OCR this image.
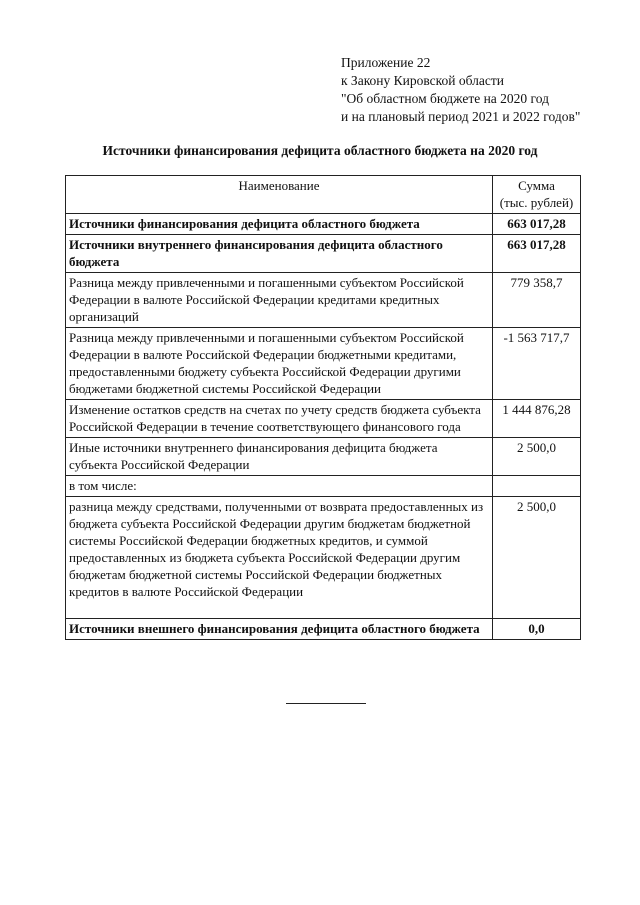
Приложение 22
к Закону Кировской области
"Об областном бюджете на 2020 год
и на плановый период 2021 и 2022 годов"
Источники финансирования дефицита областного бюджета на 2020 год
Наименование	Сумма
(тыс. рублей)

Источники финансирования дефицита областного бюджета	663 017,28
Источники внутреннего финансирования дефицита областного бюджета	663 017,28
Разница между привлеченными и погашенными субъектом Российской Федерации в валюте Российской Федерации кредитами кредитных организаций	779 358,7
Разница между привлеченными и погашенными субъектом Российской Федерации в валюте Российской Федерации бюджетными кредитами, предоставленными бюджету субъекта Российской Федерации другими бюджетами бюджетной системы Российской Федерации	-1 563 717,7
Изменение остатков средств на счетах по учету средств бюджета субъекта Российской Федерации в течение соответствующего финансового года	1 444 876,28
Иные источники внутреннего финансирования дефицита бюджета субъекта Российской Федерации	2 500,0
в том числе:	
разница между средствами, полученными от возврата предоставленных из бюджета субъекта Российской Федерации другим бюджетам бюджетной системы Российской Федерации бюджетных кредитов, и суммой предоставленных из бюджета субъекта Российской Федерации другим бюджетам бюджетной системы Российской Федерации бюджетных кредитов в валюте Российской Федерации	2 500,0
Источники внешнего финансирования дефицита областного бюджета	0,0
